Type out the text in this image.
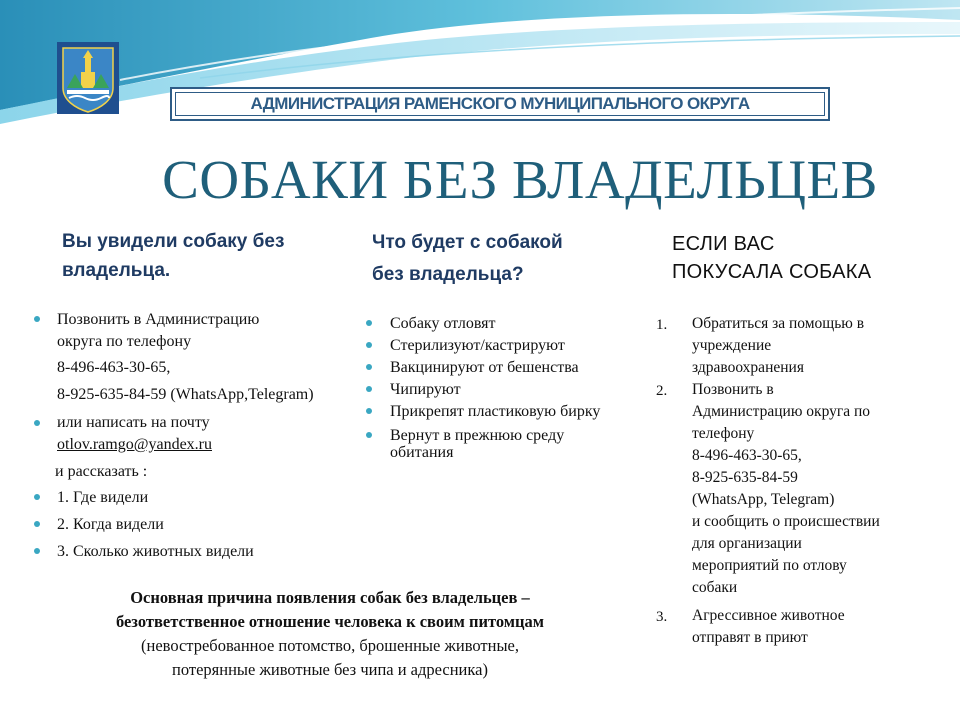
АДМИНИСТРАЦИЯ РАМЕНСКОГО МУНИЦИПАЛЬНОГО ОКРУГА
СОБАКИ БЕЗ ВЛАДЕЛЬЦЕВ
Вы увидели собаку без
владельца.
Позвонить в Администрацию
округа по телефону
8-496-463-30-65,
8-925-635-84-59 (WhatsApp,Telegram)
или написать на почту
otlov.ramgo@yandex.ru
и рассказать :
1. Где видели
2. Когда видели
3. Сколько животных видели
Что будет с собакой
без владельца?
Собаку отловят
Стерилизуют/кастрируют
Вакцинируют от бешенства
Чипируют
Прикрепят пластиковую бирку
Вернут в прежнюю среду
обитания
ЕСЛИ ВАС
ПОКУСАЛА СОБАКА
1. Обратиться за помощью в
учреждение
здравоохранения
2. Позвонить в
Администрацию округа по
телефону
8-496-463-30-65,
8-925-635-84-59
(WhatsApp, Telegram)
и сообщить о происшествии
для организации
мероприятий по отлову
собаки
3. Агрессивное животное
отправят в приют
Основная причина появления собак без владельцев –
безответственное отношение человека к своим питомцам
(невостребованное потомство, брошенные животные,
потерянные животные без чипа и адресника)
